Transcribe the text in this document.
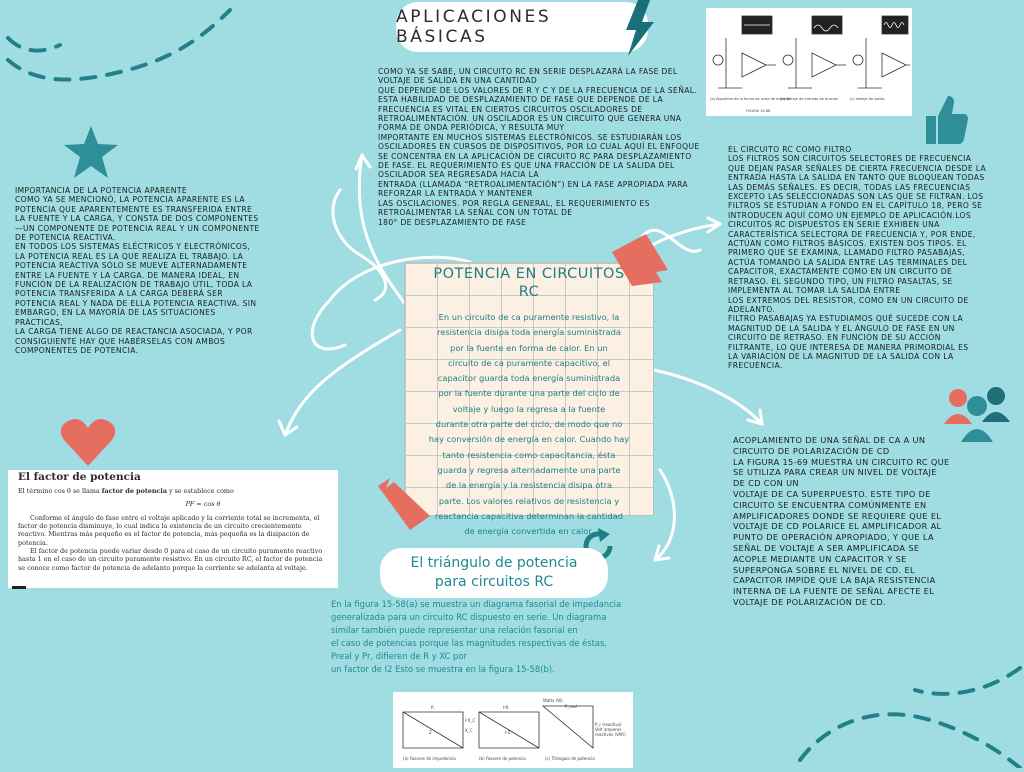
APLICACIONES BÁSICAS
COMO YA SE SABE, UN CIRCUITO RC EN SERIE DESPLAZARÁ LA FASE DEL
VOLTAJE DE SALIDA EN UNA CANTIDAD
QUE DEPENDE DE LOS VALORES DE R Y C Y DE LA FRECUENCIA DE LA SEÑAL.
ESTA HABILIDAD DE DESPLAZAMIENTO DE FASE QUE DEPENDE DE LA
FRECUENCIA ES VITAL EN CIERTOS CIRCUITOS OSCILADORES DE
RETROALIMENTACIÓN. UN OSCILADOR ES UN CIRCUITO QUE GENERA UNA
FORMA DE ONDA PERIÓDICA, Y RESULTA MUY
IMPORTANTE EN MUCHOS SISTEMAS ELECTRÓNICOS. SE ESTUDIARÁN LOS
OSCILADORES EN CURSOS DE DISPOSITIVOS, POR LO CUAL AQUÍ EL ENFOQUE
SE CONCENTRA EN LA APLICACIÓN DE CIRCUITO RC PARA DESPLAZAMIENTO
DE FASE. EL REQUERIMIENTO ES QUE UNA FRACCIÓN DE LA SALIDA DEL
OSCILADOR SEA REGRESADA HACIA LA
ENTRADA (LLAMADA “RETROALIMENTACIÓN”) EN LA FASE APROPIADA PARA
REFORZAR LA ENTRADA Y MANTENER
LAS OSCILACIONES. POR REGLA GENERAL, EL REQUERIMIENTO ES
RETROALIMENTAR LA SEÑAL CON UN TOTAL DE
180° DE DESPLAZAMIENTO DE FASE
(a) Algoritmo de la forma de onda de entrada
(b) Voltaje de entrada de la onda	(c) Voltaje de salida
FIGURA 15-66
IMPORTANCIA DE LA POTENCIA APARENTE
COMO YA SE MENCIONÓ, LA POTENCIA APARENTE ES LA
POTENCIA QUE APARENTEMENTE ES TRANSFERIDA ENTRE
LA FUENTE Y LA CARGA, Y CONSTA DE DOS COMPONENTES
—UN COMPONENTE DE POTENCIA REAL Y UN COMPONENTE
DE POTENCIA REACTIVA.
EN TODOS LOS SISTEMAS ELÉCTRICOS Y ELECTRÓNICOS,
LA POTENCIA REAL ES LA QUE REALIZA EL TRABAJO. LA
POTENCIA REACTIVA SÓLO SE MUEVE ALTERNADAMENTE
ENTRE LA FUENTE Y LA CARGA. DE MANERA IDEAL, EN
FUNCIÓN DE LA REALIZACIÓN DE TRABAJO ÚTIL, TODA LA
POTENCIA TRANSFERIDA A LA CARGA DEBERÁ SER
POTENCIA REAL Y NADA DE ELLA POTENCIA REACTIVA. SIN
EMBARGO, EN LA MAYORÍA DE LAS SITUACIONES
PRÁCTICAS,
LA CARGA TIENE ALGO DE REACTANCIA ASOCIADA, Y POR
CONSIGUIENTE HAY QUE HABÉRSELAS CON AMBOS
COMPONENTES DE POTENCIA.
EL CIRCUITO RC COMO FILTRO
LOS FILTROS SON CIRCUITOS SELECTORES DE FRECUENCIA
QUE DEJAN PASAR SEÑALES DE CIERTA FRECUENCIA DESDE LA
ENTRADA HASTA LA SALIDA EN TANTO QUE BLOQUEAN TODAS
LAS DEMÁS SEÑALES. ES DECIR, TODAS LAS FRECUENCIAS
EXCEPTO LAS SELECCIONADAS SON LAS QUE SE FILTRAN. LOS
FILTROS SE ESTUDIAN A FONDO EN EL CAPÍTULO 18, PERO SE
INTRODUCEN AQUÍ COMO UN EJEMPLO DE APLICACIÓN.LOS
CIRCUITOS RC DISPUESTOS EN SERIE EXHIBEN UNA
CARACTERÍSTICA SELECTORA DE FRECUENCIA Y, POR ENDE,
ACTÚAN COMO FILTROS BÁSICOS. EXISTEN DOS TIPOS. EL
PRIMERO QUE SE EXAMINA, LLAMADO FILTRO PASABAJAS,
ACTÚA TOMANDO LA SALIDA ENTRE LAS TERMINALES DEL
CAPACITOR, EXACTAMENTE COMO EN UN CIRCUITO DE
RETRASO. EL SEGUNDO TIPO, UN FILTRO PASALTAS, SE
IMPLEMENTA AL TOMAR LA SALIDA ENTRE
LOS EXTREMOS DEL RESISTOR, COMO EN UN CIRCUITO DE
ADELANTO.
FILTRO PASABAJAS YA ESTUDIAMOS QUÉ SUCEDE CON LA
MAGNITUD DE LA SALIDA Y EL ÁNGULO DE FASE EN UN
CIRCUITO DE RETRASO. EN FUNCIÓN DE SU ACCIÓN
FILTRANTE, LO QUE INTERESA DE MANERA PRIMORDIAL ES
LA VARIACIÓN DE LA MAGNITUD DE LA SALIDA CON LA
FRECUENCIA.
ACOPLAMIENTO DE UNA SEÑAL DE CA A UN
CIRCUITO DE POLARIZACIÓN DE CD
LA FIGURA 15-69 MUESTRA UN CIRCUITO RC QUE
SE UTILIZA PARA CREAR UN NIVEL DE VOLTAJE
DE CD CON UN
VOLTAJE DE CA SUPERPUESTO. ESTE TIPO DE
CIRCUITO SE ENCUENTRA COMÚNMENTE EN
AMPLIFICADORES DONDE SE REQUIERE QUE EL
VOLTAJE DE CD POLARICE EL AMPLIFICADOR AL
PUNTO DE OPERACIÓN APROPIADO, Y QUE LA
SEÑAL DE VOLTAJE A SER AMPLIFICADA SE
ACOPLE MEDIANTE UN CAPACITOR Y SE
SUPERPONGA SOBRE EL NIVEL DE CD. EL
CAPACITOR IMPIDE QUE LA BAJA RESISTENCIA
INTERNA DE LA FUENTE DE SEÑAL AFECTE EL
VOLTAJE DE POLARIZACIÓN DE CD.
El factor de potencia

El término cos θ se llama factor de potencia y se establece como

PF = cos θ

Conforme el ángulo de fase entre el voltaje aplicado y la corriente total se incrementa, el factor de potencia disminuye, lo cual indica la existencia de un circuito crecientemente reactivo. Mientras más pequeño es el factor de potencia, más pequeña es la disipación de potencia.

El factor de potencia puede variar desde 0 para el caso de un circuito puramente reactivo hasta 1 en el caso de un circuito puramente resistivo. En un circuito RC, el factor de potencia se conoce como factor de potencia de adelanto porque la corriente se adelanta al voltaje.

POTENCIA EN CIRCUITOS
RC
En un circuito de ca puramente resistivo, la
resistencia disipa toda energía suministrada
por la fuente en forma de calor. En un
circuito de ca puramente capacitivo, el
capacitor guarda toda energía suministrada
por la fuente durante una parte del ciclo de
voltaje y luego la regresa a la fuente
durante otra parte del ciclo, de modo que no
hay conversión de energía en calor. Cuando hay
tanto resistencia como capacitancia, ésta
guarda y regresa alternadamente una parte
de la energía y la resistencia disipa otra
parte. Los valores relativos de resistencia y
reactancia capacitiva determinan la cantidad
de energía convertida en calor.
El triángulo de potencia
para circuitos RC
En la figura 15-58(a) se muestra un diagrama fasorial de impedancia
generalizada para un circuito RC dispuesto en serie. Un diagrama
similar también puede representar una relación fasorial en
el caso de potencias porque las magnitudes respectivas de éstas,
Preal y Pr, difieren de R y XC por
un factor de I2 Esto se muestra en la figura 15-58(b).
Watts (W)
P_real
P_r (reactiva)
Volt amperes
reactivos (VAR)
R
X_C
Z
I²R
I²X_C
I²Z
(a) Fasores de impedancia	(b) Fasores de potencia	(c) Triángulo de potencia
